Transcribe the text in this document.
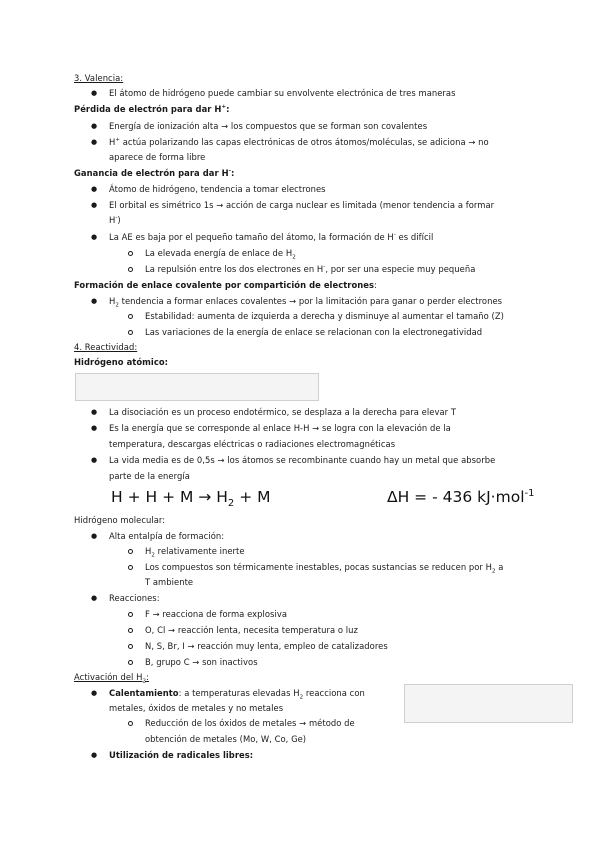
3. Valencia:
● El átomo de hidrógeno puede cambiar su envolvente electrónica de tres maneras
Pérdida de electrón para dar H+:
● Energía de ionización alta → los compuestos que se forman son covalentes
● H+ actúa polarizando las capas electrónicas de otros átomos/moléculas, se adiciona → no
aparece de forma libre
Ganancia de electrón para dar H-:
● Átomo de hidrógeno, tendencia a tomar electrones
● El orbital es simétrico 1s → acción de carga nuclear es limitada (menor tendencia a formar
H-)
● La AE es baja por el pequeño tamaño del átomo, la formación de H- es difícil
La elevada energía de enlace de $H_2$
La repulsión entre los dos electrones en H-, por ser una especie muy pequeña
Formación de enlace covalente por compartición de electrones:
● $H_2$ tendencia a formar enlaces covalentes → por la limitación para ganar o perder electrones
Estabilidad: aumenta de izquierda a derecha y disminuye al aumentar el tamaño (Z)
Las variaciones de la energía de enlace se relacionan con la electronegatividad
4. Reactividad:
Hidrógeno atómico:
● La disociación es un proceso endotérmico, se desplaza a la derecha para elevar T
● Es la energía que se corresponde al enlace H-H → se logra con la elevación de la
temperatura, descargas eléctricas o radiaciones electromagnéticas
● La vida media es de 0,5s → los átomos se recombinante cuando hay un metal que absorbe
parte de la energía
$H + H + M \to H_2 + M$	ΔH = - 436 kJ·mol$^{-1}$
Hidrógeno molecular:
● Alta entalpía de formación:
$H_2$ relativamente inerte
Los compuestos son térmicamente inestables, pocas sustancias se reducen por $H_2$ a
T ambiente
● Reacciones:
F → reacciona de forma explosiva
O, Cl → reacción lenta, necesita temperatura o luz
N, S, Br, I → reacción muy lenta, empleo de catalizadores
B, grupo C → son inactivos
Activación del $H_2$:
● Calentamiento: a temperaturas elevadas $H_2$ reacciona con
metales, óxidos de metales y no metales
Reducción de los óxidos de metales → método de
obtención de metales (Mo, W, Co, Ge)
● Utilización de radicales libres:
